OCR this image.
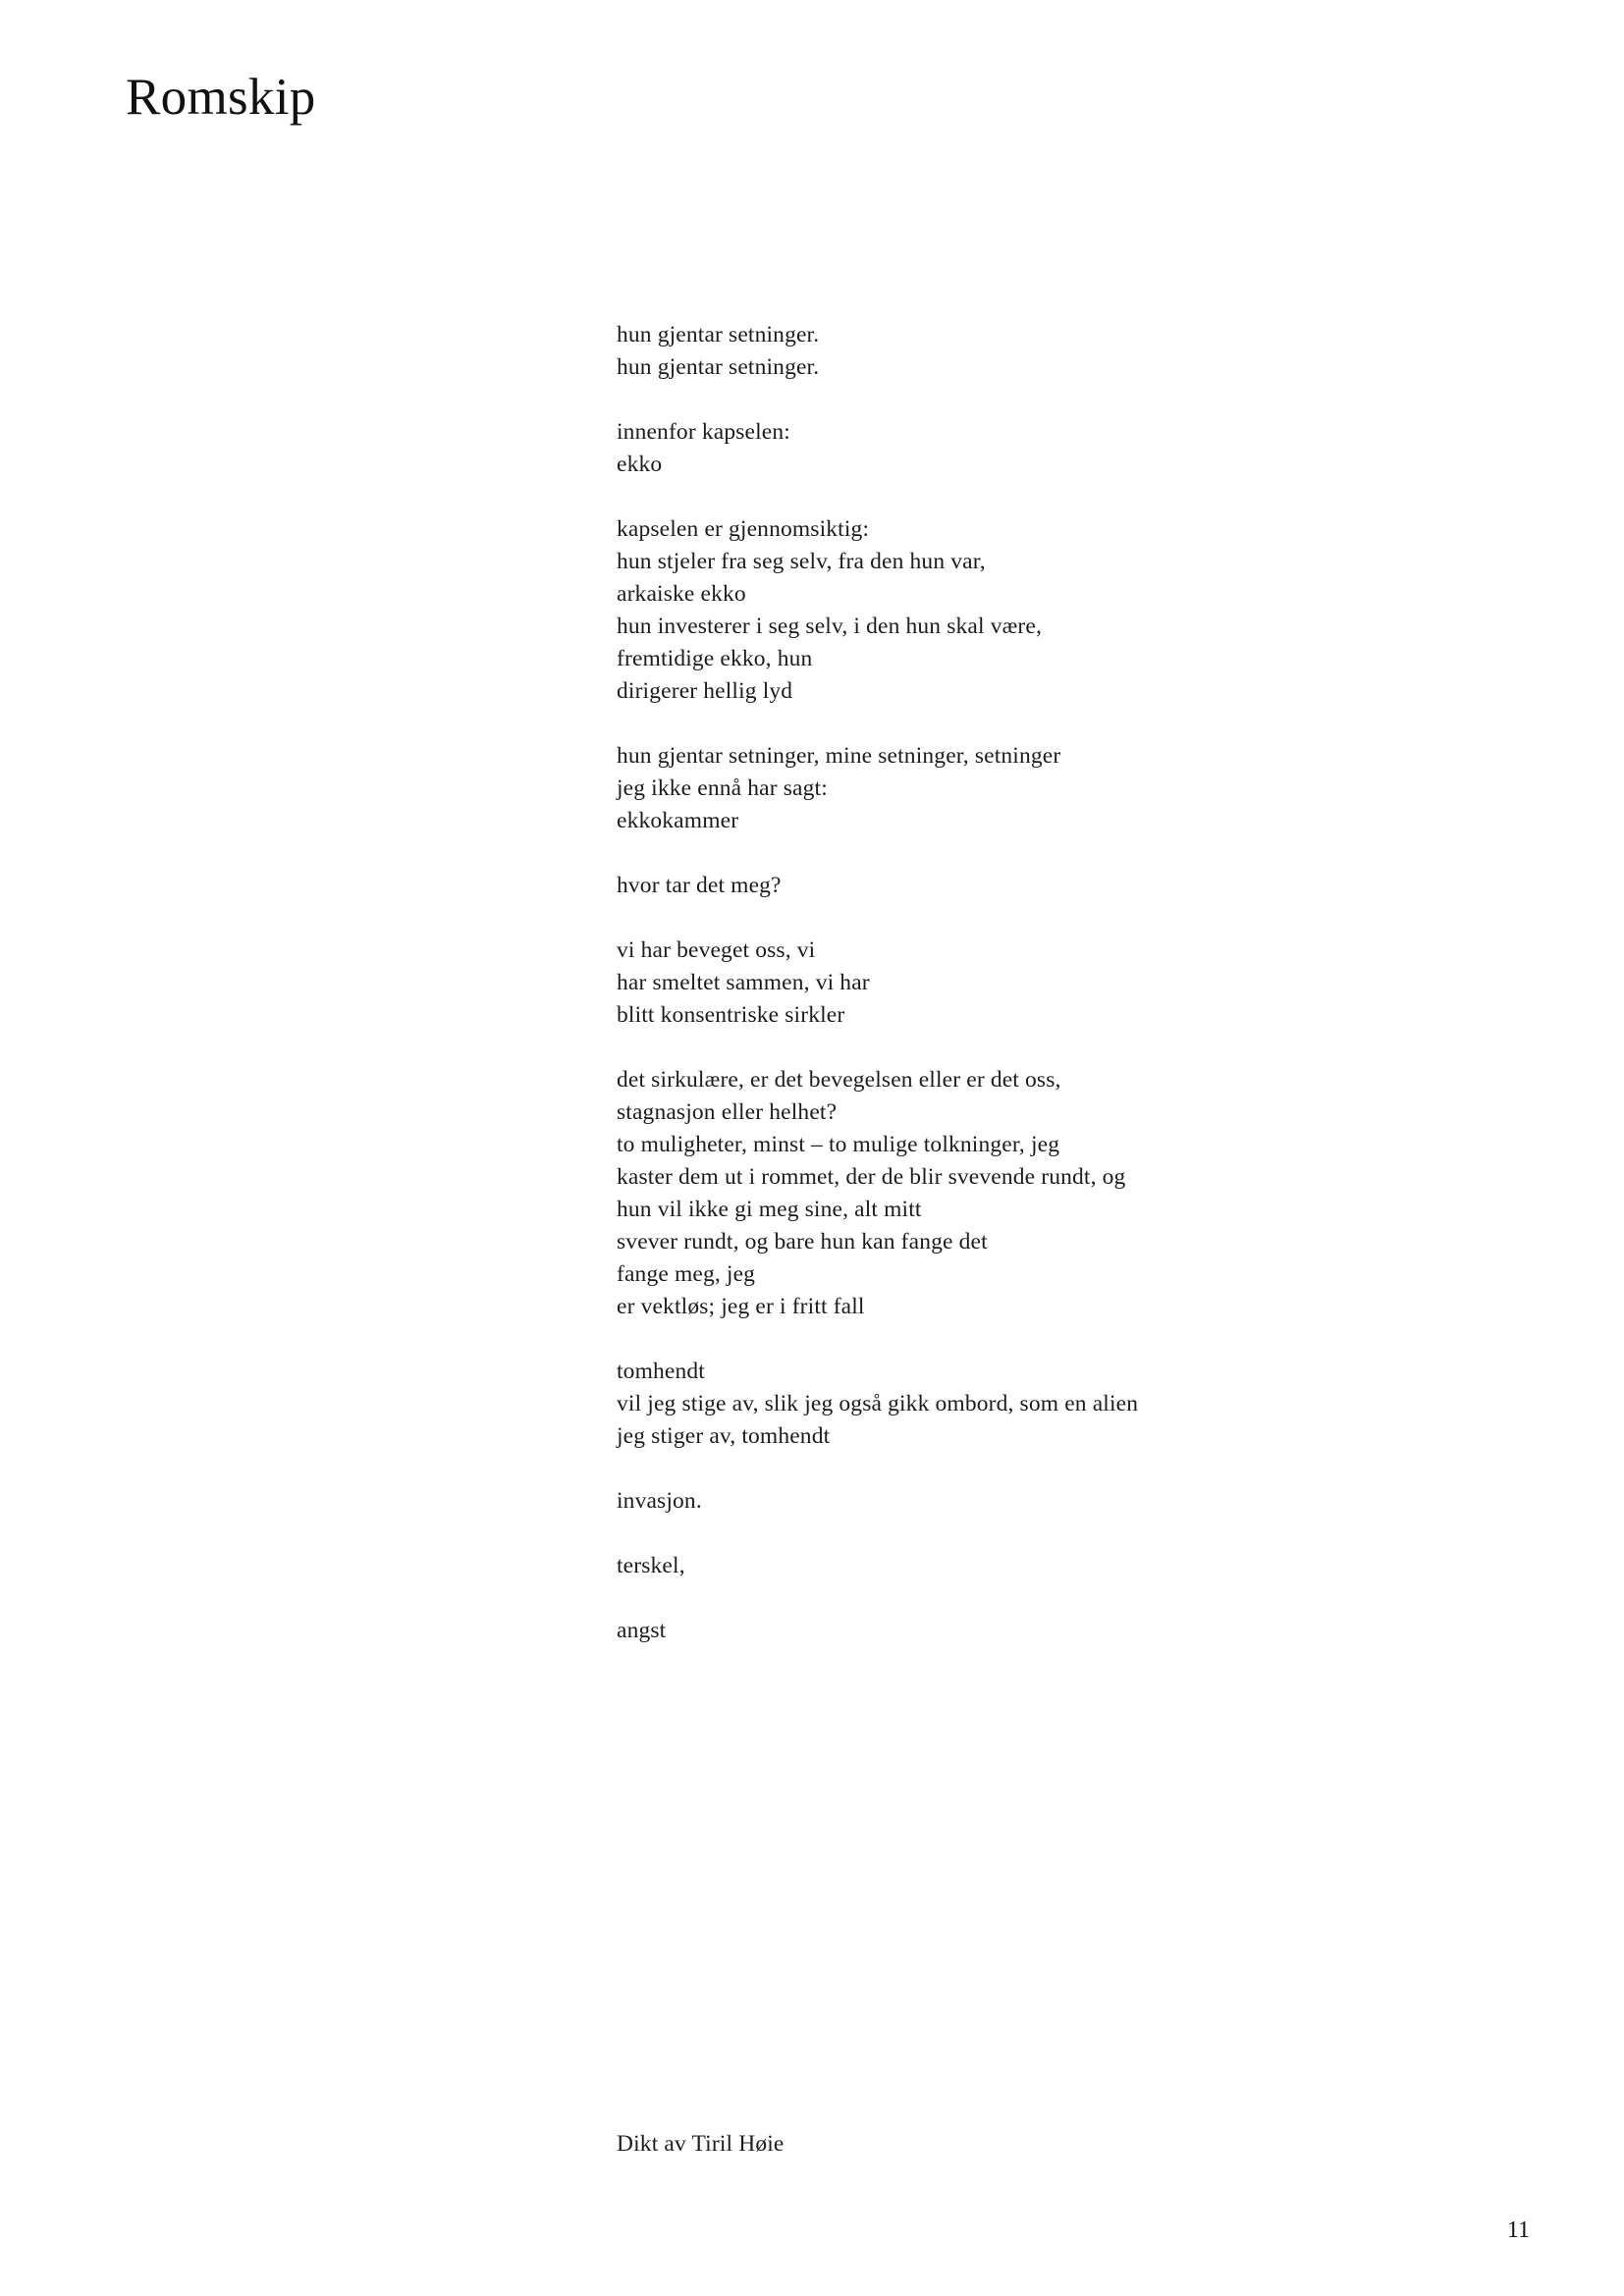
Romskip
hun gjentar setninger.
hun gjentar setninger.
innenfor kapselen:
ekko
kapselen er gjennomsiktig:
hun stjeler fra seg selv, fra den hun var,
arkaiske ekko
hun investerer i seg selv, i den hun skal være,
fremtidige ekko, hun
dirigerer hellig lyd
hun gjentar setninger, mine setninger, setninger
jeg ikke ennå har sagt:
ekkokammer
hvor tar det meg?
vi har beveget oss, vi
har smeltet sammen, vi har
blitt konsentriske sirkler
det sirkulære, er det bevegelsen eller er det oss,
stagnasjon eller helhet?
to muligheter, minst – to mulige tolkninger, jeg
kaster dem ut i rommet, der de blir svevende rundt, og
hun vil ikke gi meg sine, alt mitt
svever rundt, og bare hun kan fange det
fange meg, jeg
er vektløs; jeg er i fritt fall
tomhendt
vil jeg stige av, slik jeg også gikk ombord, som en alien
jeg stiger av, tomhendt
invasjon.
terskel,
angst
Dikt av Tiril Høie
11
